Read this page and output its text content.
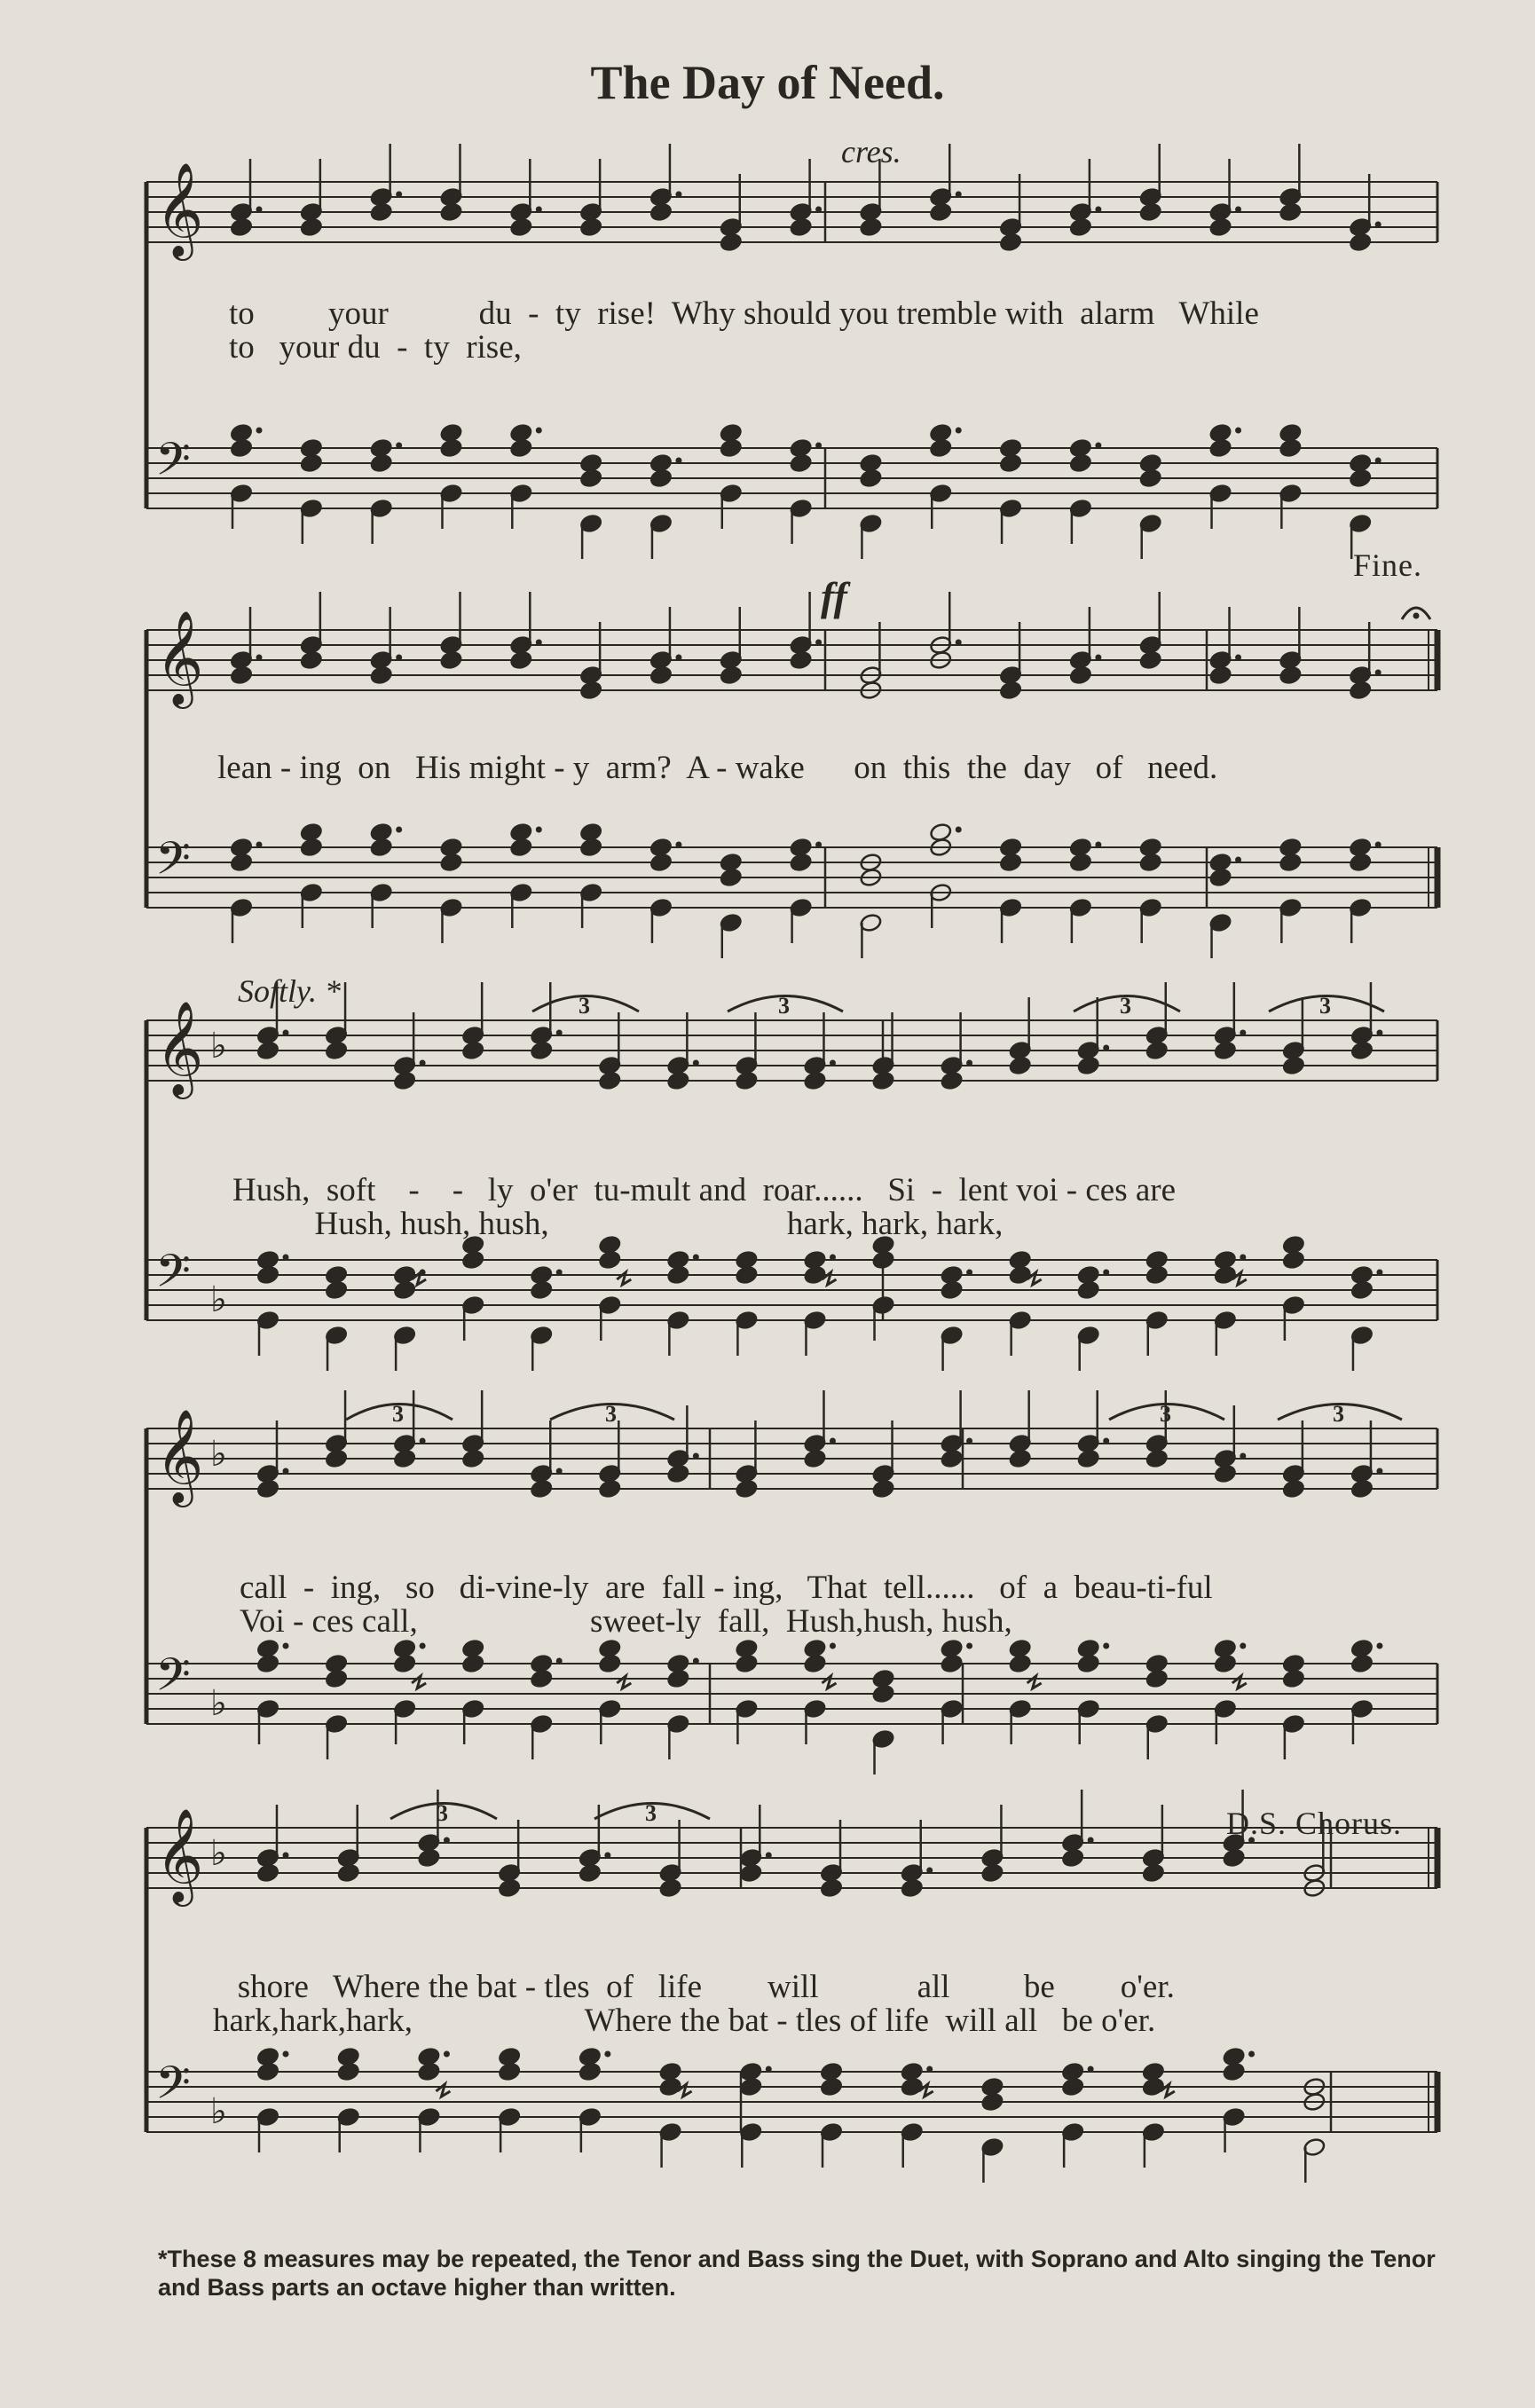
The Day of Need.
𝄞
𝄢
𝄞
𝄢
𝄞 ♭
𝄢 ♭
3	3	3	3
𝄞 ♭
𝄢 ♭
3	3	3	3
𝄞 ♭
𝄢 ♭
3	3
cres.
Fine.
ff
Softly. *
D.S. Chorus.

to         your           du  -  ty  rise!  Why should you tremble with  alarm   While

to   your du  -  ty  rise,

lean - ing  on   His might - y  arm?  A - wake      on  this  the  day   of   need.

Hush,  soft    -    -   ly  o'er  tu-mult and  roar......   Si  -  lent voi - ces are

Hush, hush, hush,                             hark, hark, hark,

call  -  ing,   so   di-vine-ly  are  fall - ing,   That  tell......   of  a  beau-ti-ful

Voi - ces call,                     sweet-ly  fall,  Hush,hush, hush,

shore   Where the bat - tles  of   life        will            all         be        o'er.

hark,hark,hark,                     Where the bat - tles of life  will all   be o'er.

*These 8 measures may be repeated, the Tenor and Bass sing the Duet, with Soprano and Alto singing the Tenor and Bass parts an octave higher than written.
